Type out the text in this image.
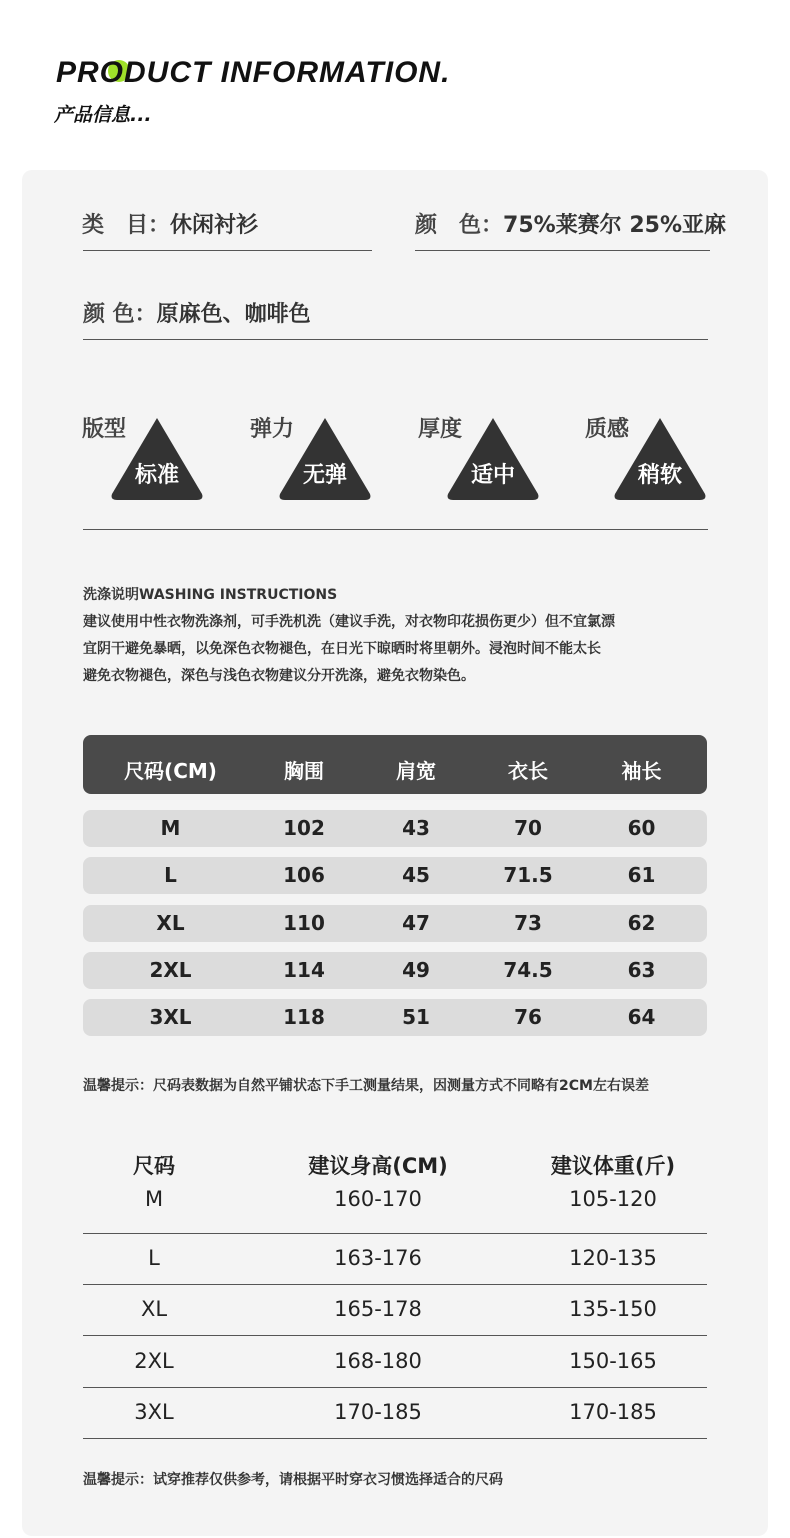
PRODUCT INFORMATION.

产品信息...

类　目：休闲衬衫	颜　色：75%莱赛尔 25%亚麻
颜 色：原麻色、咖啡色
版型
标准
弹力
无弹
厚度
适中
质感
稍软

洗涤说明WASHING INSTRUCTIONS

建议使用中性衣物洗涤剂，可手洗机洗（建议手洗，对衣物印花损伤更少）但不宜氯漂

宜阴干避免暴晒，以免深色衣物褪色，在日光下晾晒时将里朝外。浸泡时间不能太长

避免衣物褪色，深色与浅色衣物建议分开洗涤，避免衣物染色。

尺码(CM)	胸围	肩宽	衣长	袖长
M	102	43	70	60
L	106	45	71.5	61
XL	110	47	73	62
2XL	114	49	74.5	63
3XL	118	51	76	64

温馨提示：尺码表数据为自然平铺状态下手工测量结果，因测量方式不同略有2CM左右误差

尺码	建议身高(CM)	建议体重(斤)
M	160-170	105-120
L	163-176	120-135
XL	165-178	135-150
2XL	168-180	150-165
3XL	170-185	170-185

温馨提示：试穿推荐仅供参考，请根据平时穿衣习惯选择适合的尺码
